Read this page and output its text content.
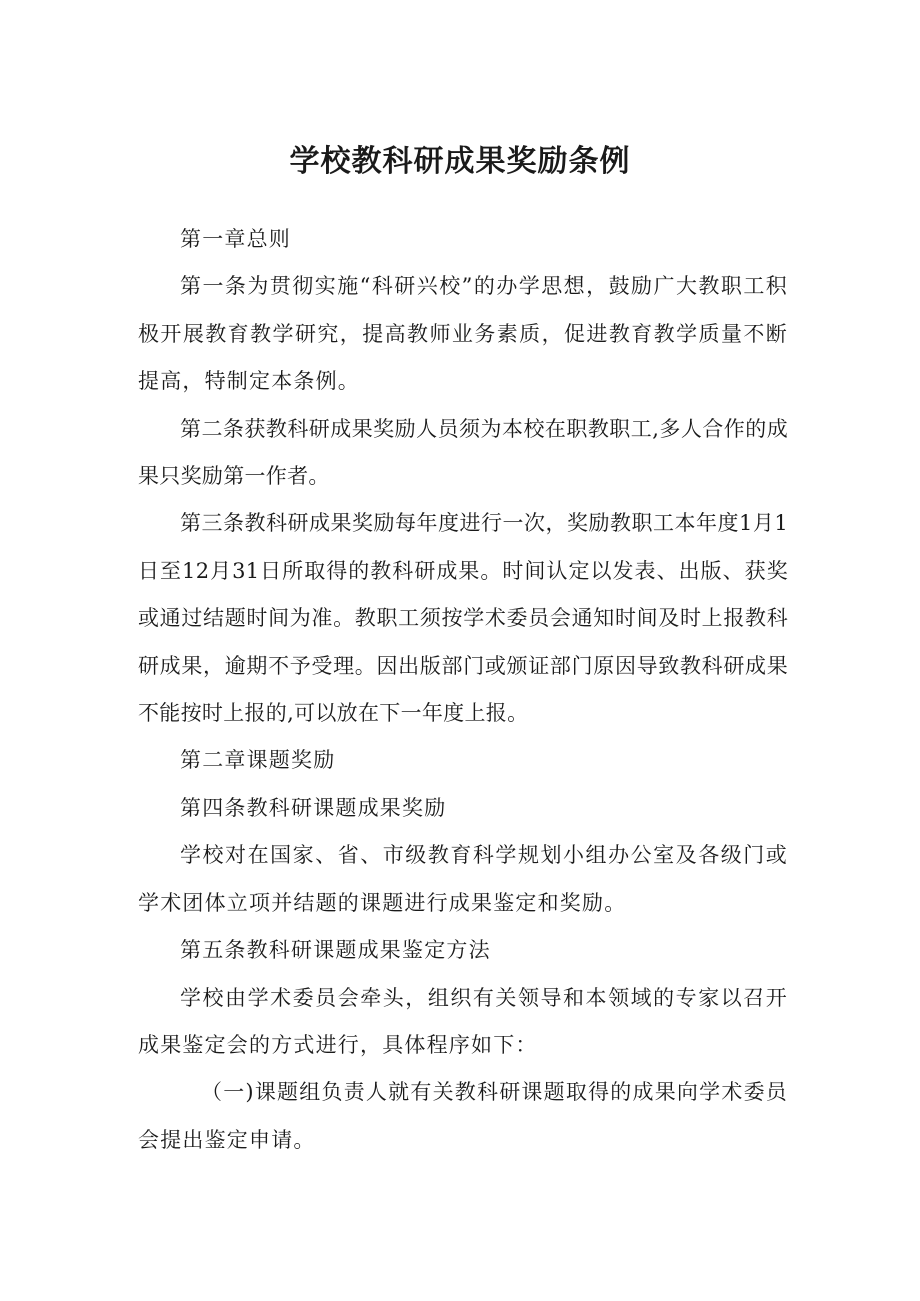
学校教科研成果奖励条例

第一章总则

第一条为贯彻实施“科研兴校”的办学思想，鼓励广大教职工积极开展教育教学研究，提高教师业务素质，促进教育教学质量不断提高，特制定本条例。

第二条获教科研成果奖励人员须为本校在职教职工,多人合作的成果只奖励第一作者。

第三条教科研成果奖励每年度进行一次，奖励教职工本年度1月1日至12月31日所取得的教科研成果。时间认定以发表、出版、获奖或通过结题时间为准。教职工须按学术委员会通知时间及时上报教科研成果，逾期不予受理。因出版部门或颁证部门原因导致教科研成果不能按时上报的,可以放在下一年度上报。

第二章课题奖励

第四条教科研课题成果奖励

学校对在国家、省、市级教育科学规划小组办公室及各级门或学术团体立项并结题的课题进行成果鉴定和奖励。

第五条教科研课题成果鉴定方法

学校由学术委员会牵头，组织有关领导和本领域的专家以召开成果鉴定会的方式进行，具体程序如下：

（一)课题组负责人就有关教科研课题取得的成果向学术委员会提出鉴定申请。
